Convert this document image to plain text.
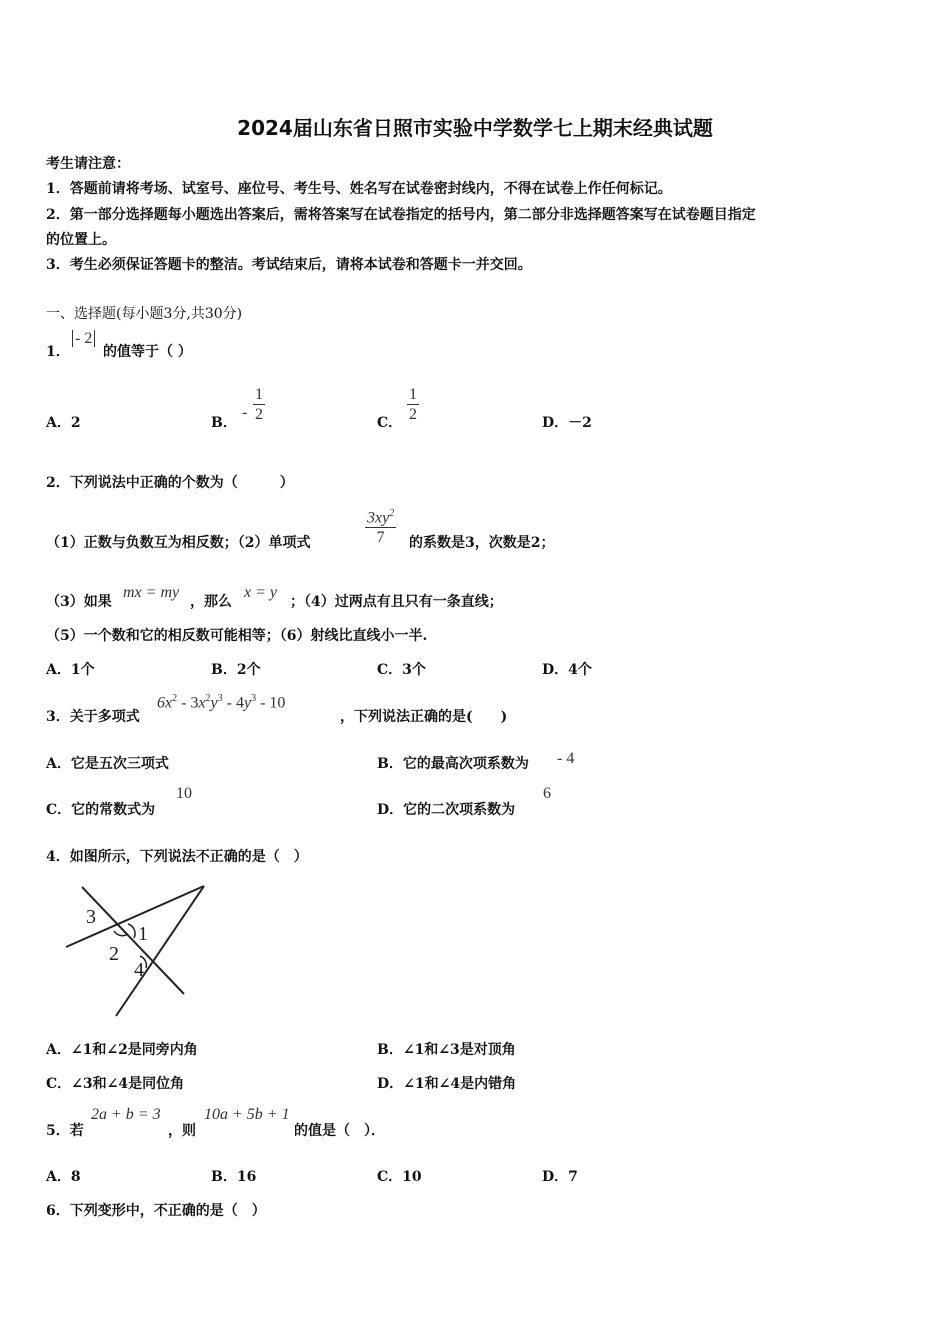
2024届山东省日照市实验中学数学七上期末经典试题
考生请注意：
1．答题前请将考场、试室号、座位号、考生号、姓名写在试卷密封线内，不得在试卷上作任何标记。
2．第一部分选择题每小题选出答案后，需将答案写在试卷指定的括号内，第二部分非选择题答案写在试卷题目指定
的位置上。
3．考生必须保证答题卡的整洁。考试结束后，请将本试卷和答题卡一并交回。
一、选择题(每小题3分,共30分)
1．
- 2
的值等于（ ）
A．2	B．
-
1
2	C．
1
2	D．－2
2．下列说法中正确的个数为（　　　）
（1）正数与负数互为相反数；（2）单项式
$3xy^2$
7 的系数是3，次数是2；
（3）如果
mx = my
，那么
x = y
；（4）过两点有且只有一条直线；
（5）一个数和它的相反数可能相等；（6）射线比直线小一半.
A．1个	B．2个	C．3个	D．4个
3．关于多项式
$6x^2 - 3x^2y^3 - 4y^3 - 10$
，下列说法正确的是(　　)
A．它是五次三项式	B．它的最高次项系数为 - 4
C．它的常数式为
10
D．它的二次项系数为
6
4．如图所示，下列说法不正确的是（　）
3
2
1
4
A．∠1和∠2是同旁内角	B．∠1和∠3是对顶角
C．∠3和∠4是同位角	D．∠1和∠4是内错角
5．若
2a + b = 3
，则
10a + 5b + 1
的值是（　）．
A．8	B．16	C．10	D．7
6．下列变形中，不正确的是（　）
